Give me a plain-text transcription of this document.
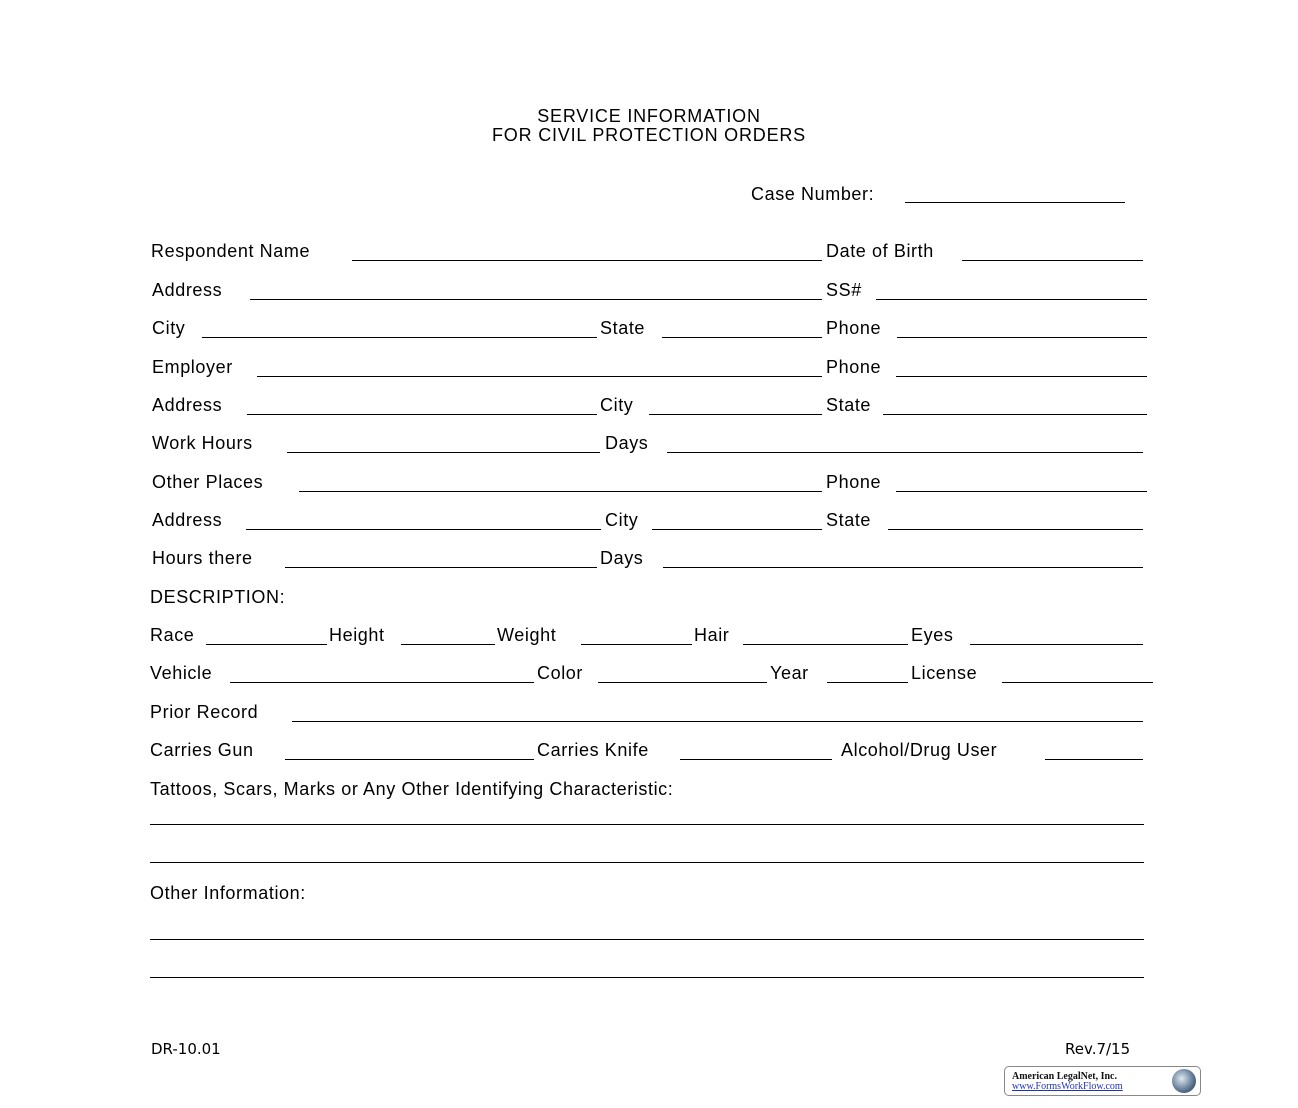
SERVICE INFORMATION
FOR CIVIL PROTECTION ORDERS
Case Number:
Respondent Name	Date of Birth
Address	SS#
City	State	Phone
Employer	Phone
Address	City	State
Work Hours	Days
Other Places	Phone
Address	City	State
Hours there	Days
DESCRIPTION:
Race	Height	Weight	Hair	Eyes
Vehicle	Color	Year	License
Prior Record
Carries Gun	Carries Knife	Alcohol/Drug User
Tattoos, Scars, Marks or Any Other Identifying Characteristic:
Other Information:
DR-10.01	Rev.7/15
American LegalNet, Inc.
www.FormsWorkFlow.com
